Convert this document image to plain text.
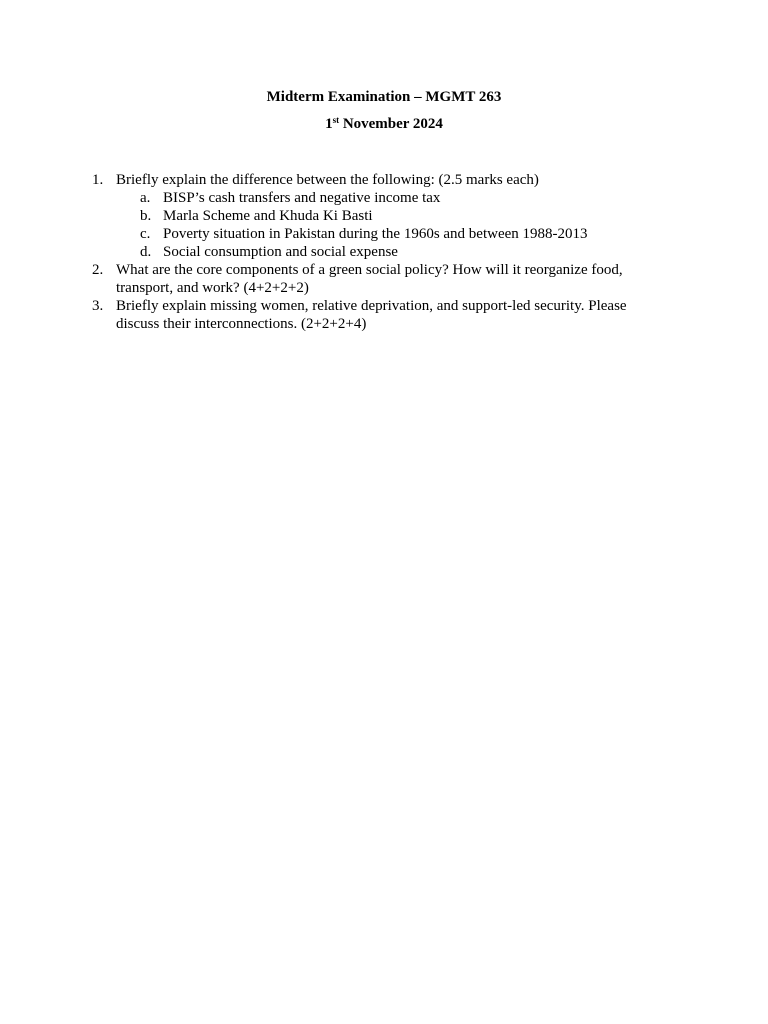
Midterm Examination – MGMT 263
1st November 2024
1. Briefly explain the difference between the following: (2.5 marks each)
a. BISP’s cash transfers and negative income tax
b. Marla Scheme and Khuda Ki Basti
c. Poverty situation in Pakistan during the 1960s and between 1988-2013
d. Social consumption and social expense
2. What are the core components of a green social policy? How will it reorganize food, transport, and work? (4+2+2+2)
3. Briefly explain missing women, relative deprivation, and support-led security. Please discuss their interconnections. (2+2+2+4)
